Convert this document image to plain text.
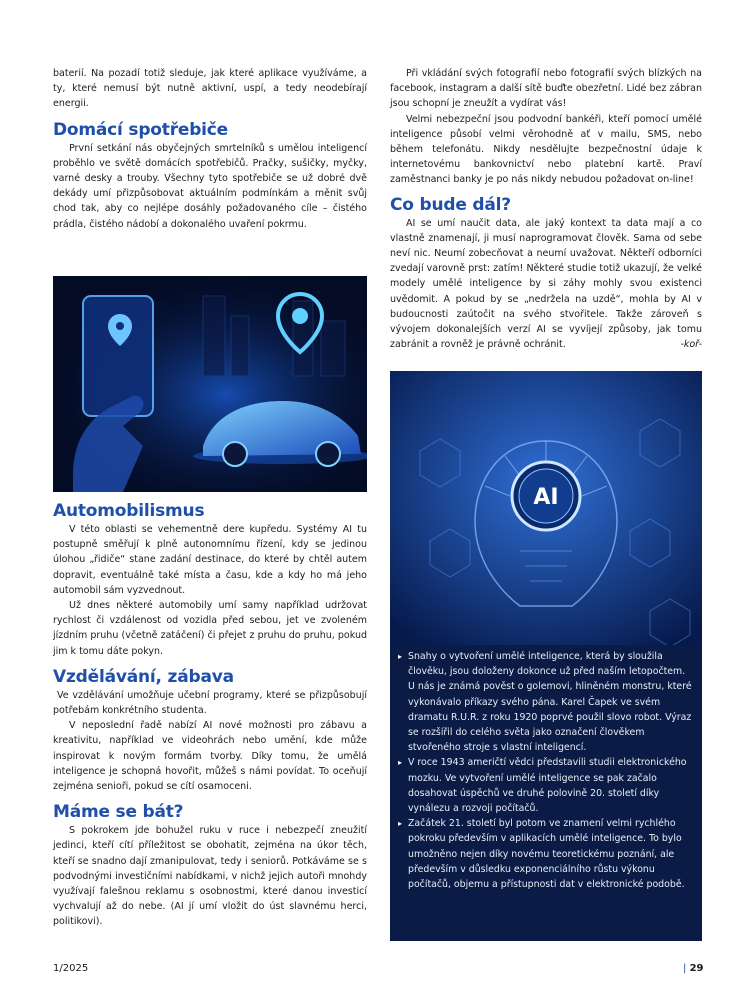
baterií. Na pozadí totiž sleduje, jak které aplikace využíváme, a ty, které nemusí být nutně aktivní, uspí, a tedy neodebírají energii.

Domácí spotřebiče

První setkání nás obyčejných smrtelníků s umělou inteligencí proběhlo ve světě domácích spotřebičů. Pračky, sušičky, myčky, varné desky a trouby. Všechny tyto spotřebiče se už dobré dvě dekády umí přizpůsobovat aktuálním podmínkám a měnit svůj chod tak, aby co nejlépe dosáhly požadovaného cíle – čistého prádla, čistého nádobí a dokonalého uvaření pokrmu.

Automobilismus

V této oblasti se vehementně dere kupředu. Systémy AI tu postupně směřují k plně autonomnímu řízení, kdy se jedinou úlohou „řidiče“ stane zadání destinace, do které by chtěl autem dopravit, eventuálně také místa a času, kde a kdy ho má jeho automobil sám vyzvednout.

Už dnes některé automobily umí samy například udržovat rychlost či vzdálenost od vozidla před sebou, jet ve zvoleném jízdním pruhu (včetně zatáčení) či přejet z pruhu do pruhu, pokud jim k tomu dáte pokyn.

Vzdělávání, zábava

Ve vzdělávání umožňuje učební programy, které se přizpůsobují potřebám konkrétního studenta.

V neposlední řadě nabízí AI nové možnosti pro zábavu a kreativitu, například ve videohrách nebo umění, kde může inspirovat k novým formám tvorby. Díky tomu, že umělá inteligence je schopná hovořit, můžeš s námi povídat. To oceňují zejména senioři, pokud se cítí osamoceni.

Máme se bát?

S pokrokem jde bohužel ruku v ruce i nebezpečí zneužití jedinci, kteří cítí příležitost se obohatit, zejména na úkor těch, kteří se snadno dají zmanipulovat, tedy i seniorů. Potkáváme se s podvodnými investičními nabídkami, v nichž jejich autoři mnohdy využívají falešnou reklamu s osobnostmi, které danou investicí vychvalují až do nebe. (AI jí umí vložit do úst slavnému herci, politikovi).

Při vkládání svých fotografií nebo fotografií svých blízkých na facebook, instagram a další sítě buďte obezřetní. Lidé bez zábran jsou schopní je zneužít a vydírat vás!

Velmi nebezpeční jsou podvodní bankéři, kteří pomocí umělé inteligence působí velmi věrohodně ať v mailu, SMS, nebo během telefonátu. Nikdy nesdělujte bezpečnostní údaje k internetovému bankovnictví nebo platební kartě. Praví zaměstnanci banky je po nás nikdy nebudou požadovat on-line!

Co bude dál?

AI se umí naučit data, ale jaký kontext ta data mají a co vlastně znamenají, ji musí naprogramovat člověk. Sama od sebe neví nic. Neumí zobecňovat a neumí uvažovat. Někteří odborníci zvedají varovně prst: zatím! Některé studie totiž ukazují, že velké modely umělé inteligence by si záhy mohly svou existenci uvědomit. A pokud by se „nedržela na uzdě“, mohla by AI v budoucnosti zaútočit na svého stvořitele. Takže zároveň s vývojem dokonalejších verzí AI se vyvíjejí způsoby, jak tomu zabránit a rovněž je právně ochránit.	-koř-

AI
▸ Snahy o vytvoření umělé inteligence, která by sloužila člověku, jsou doloženy dokonce už před naším letopočtem. U nás je známá pověst o golemovi, hliněném monstru, které vykonávalo příkazy svého pána. Karel Čapek ve svém dramatu R.U.R. z roku 1920 poprvé použil slovo robot. Výraz se rozšířil do celého světa jako označení člověkem stvořeného stroje s vlastní inteligencí.
▸ V roce 1943 američtí vědci představili studii elektronického mozku. Ve vytvoření umělé inteligence se pak začalo dosahovat úspěchů ve druhé polovině 20. století díky vynálezu a rozvoji počítačů.
▸ Začátek 21. století byl potom ve znamení velmi rychlého pokroku především v aplikacích umělé inteligence. To bylo umožněno nejen díky novému teoretickému poznání, ale především v důsledku exponenciálního růstu výkonu počítačů, objemu a přístupnosti dat v elektronické podobě.
1/2025	| 29
